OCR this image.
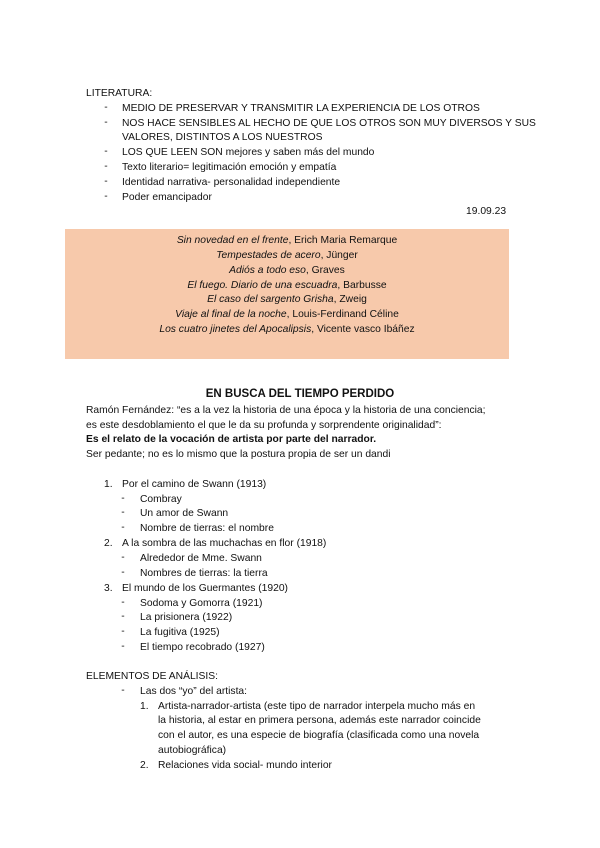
LITERATURA:
-	MEDIO DE PRESERVAR Y TRANSMITIR LA EXPERIENCIA DE LOS OTROS
-	NOS HACE SENSIBLES AL HECHO DE QUE LOS OTROS SON MUY DIVERSOS Y SUS
VALORES, DISTINTOS A LOS NUESTROS
-	LOS QUE LEEN SON mejores y saben más del mundo
-	Texto literario= legitimación emoción y empatía
-	Identidad narrativa- personalidad independiente
-	Poder emancipador
19.09.23
Sin novedad en el frente, Erich Maria Remarque
Tempestades de acero, Jünger
Adiós a todo eso, Graves
El fuego. Diario de una escuadra, Barbusse
El caso del sargento Grisha, Zweig
Viaje al final de la noche, Louis-Ferdinand Céline
Los cuatro jinetes del Apocalipsis, Vicente vasco Ibáñez
EN BUSCA DEL TIEMPO PERDIDO
Ramón Fernández: “es a la vez la historia de una época y la historia de una conciencia;
es este desdoblamiento el que le da su profunda y sorprendente originalidad”:
Es el relato de la vocación de artista por parte del narrador.
Ser pedante; no es lo mismo que la postura propia de ser un dandi
1. Por el camino de Swann (1913)
-	Combray
-	Un amor de Swann
-	Nombre de tierras: el nombre
2. A la sombra de las muchachas en flor (1918)
-	Alrededor de Mme. Swann
-	Nombres de tierras: la tierra
3. El mundo de los Guermantes (1920)
-	Sodoma y Gomorra (1921)
-	La prisionera (1922)
-	La fugitiva (1925)
-	El tiempo recobrado (1927)
ELEMENTOS DE ANÁLISIS:
-	Las dos “yo” del artista:
1. Artista-narrador-artista (este tipo de narrador interpela mucho más en
la historia, al estar en primera persona, además este narrador coincide
con el autor, es una especie de biografía (clasificada como una novela
autobiográfica)
2. Relaciones vida social- mundo interior
